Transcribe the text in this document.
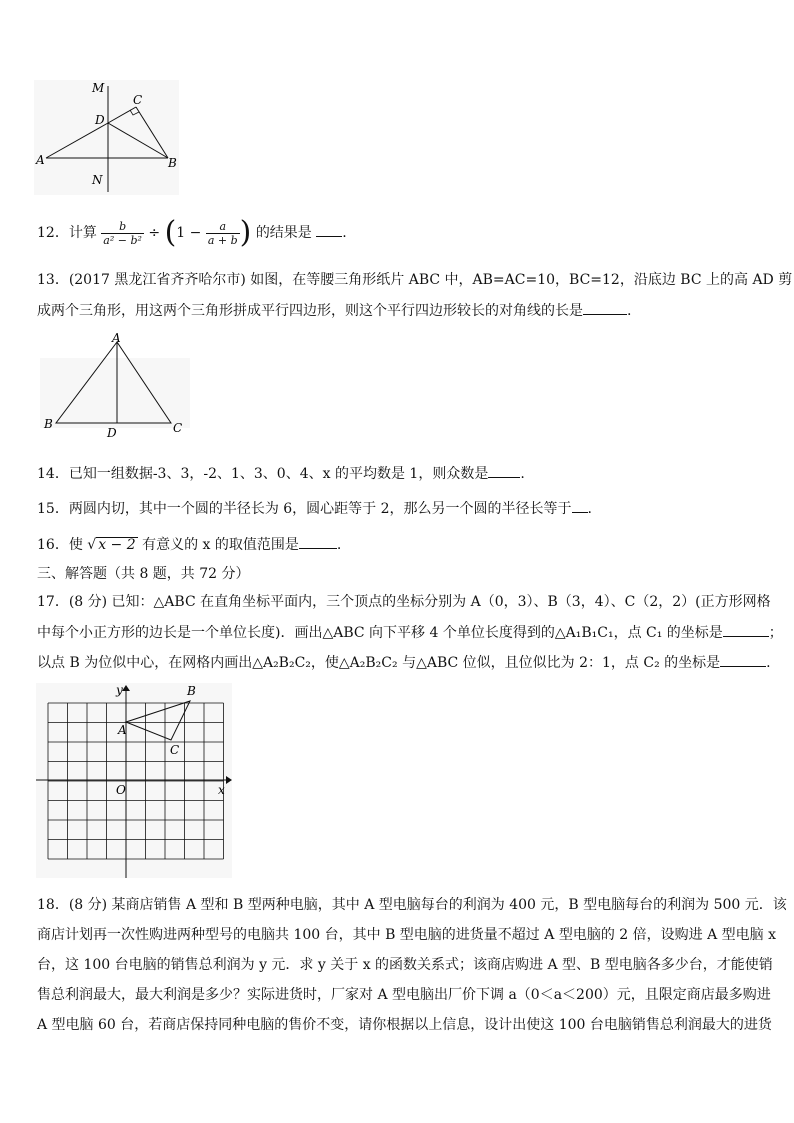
M
C
D
A	B
N
12．计算 $\frac{b}{\text{a² − b²}} \div (1 - \frac{a}{a + b}$ ) 的结果是 .
13．(2017 黑龙江省齐齐哈尔市) 如图，在等腰三角形纸片 ABC 中，AB=AC=10，BC=12，沿底边 BC 上的高 AD 剪
成两个三角形，用这两个三角形拼成平行四边形，则这个平行四边形较长的对角线的长是	.
A
B
D	C
14．已知一组数据-3、3，-2、1、3、0、4、x 的平均数是 1，则众数是 .
15．两圆内切，其中一个圆的半径长为 6，圆心距等于 2，那么另一个圆的半径长等于 .
16．使 √ x − 2 有意义的 x 的取值范围是	.
三、解答题（共 8 题，共 72 分）
17．(8 分) 已知：△ABC 在直角坐标平面内，三个顶点的坐标分别为 A（0，3）、B（3，4）、C（2，2）(正方形网格
中每个小正方形的边长是一个单位长度)．画出△ABC 向下平移 4 个单位长度得到的△A₁B₁C₁，点 C₁ 的坐标是	；
以点 B 为位似中心，在网格内画出△A₂B₂C₂，使△A₂B₂C₂ 与△ABC 位似，且位似比为 2：1，点 C₂ 的坐标是	.
y	B
A
C
O	x
18．(8 分) 某商店销售 A 型和 B 型两种电脑，其中 A 型电脑每台的利润为 400 元，B 型电脑每台的利润为 500 元．该
商店计划再一次性购进两种型号的电脑共 100 台，其中 B 型电脑的进货量不超过 A 型电脑的 2 倍，设购进 A 型电脑 x
台，这 100 台电脑的销售总利润为 y 元．求 y 关于 x 的函数关系式；该商店购进 A 型、B 型电脑各多少台，才能使销
售总利润最大，最大利润是多少？实际进货时，厂家对 A 型电脑出厂价下调 a（0＜a＜200）元，且限定商店最多购进
A 型电脑 60 台，若商店保持同种电脑的售价不变，请你根据以上信息，设计出使这 100 台电脑销售总利润最大的进货
